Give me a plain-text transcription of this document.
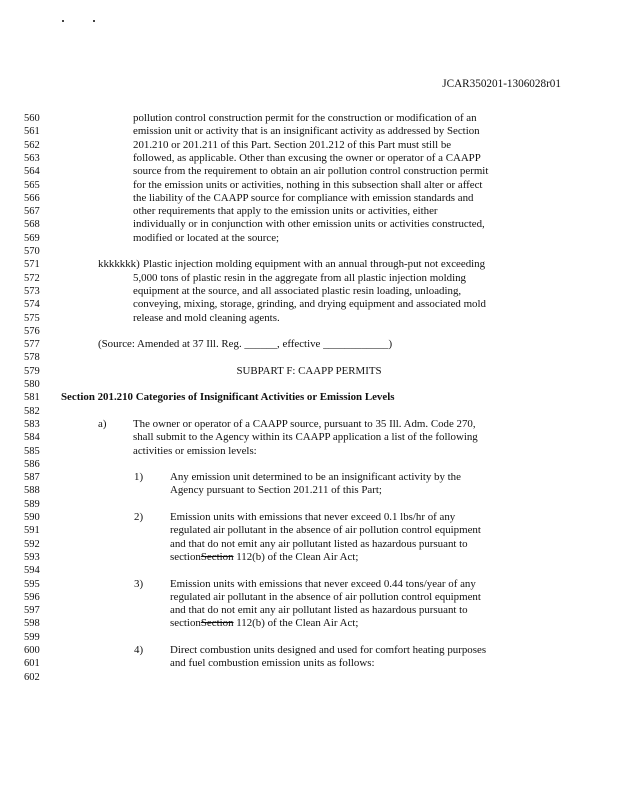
JCAR350201-1306028r01
560	pollution control construction permit for the construction or modification of an
561	emission unit or activity that is an insignificant activity as addressed by Section
562	201.210 or 201.211 of this Part. Section 201.212 of this Part must still be
563	followed, as applicable. Other than excusing the owner or operator of a CAAPP
564	source from the requirement to obtain an air pollution control construction permit
565	for the emission units or activities, nothing in this subsection shall alter or affect
566	the liability of the CAAPP source for compliance with emission standards and
567	other requirements that apply to the emission units or activities, either
568	individually or in conjunction with other emission units or activities constructed,
569	modified or located at the source;
570
571	kkkkkkk) Plastic injection molding equipment with an annual through-put not exceeding
572	5,000 tons of plastic resin in the aggregate from all plastic injection molding
573	equipment at the source, and all associated plastic resin loading, unloading,
574	conveying, mixing, storage, grinding, and drying equipment and associated mold
575	release and mold cleaning agents.
576
577	(Source: Amended at 37 Ill. Reg. ______, effective ____________)
578
579	SUBPART F: CAAPP PERMITS
580
581	Section 201.210 Categories of Insignificant Activities or Emission Levels
582
583	a) The owner or operator of a CAAPP source, pursuant to 35 Ill. Adm. Code 270,
584	shall submit to the Agency within its CAAPP application a list of the following
585	activities or emission levels:
586
587	1) Any emission unit determined to be an insignificant activity by the
588	Agency pursuant to Section 201.211 of this Part;
589
590	2) Emission units with emissions that never exceed 0.1 lbs/hr of any
591	regulated air pollutant in the absence of air pollution control equipment
592	and that do not emit any air pollutant listed as hazardous pursuant to
593	sectionSection 112(b) of the Clean Air Act;
594
595	3) Emission units with emissions that never exceed 0.44 tons/year of any
596	regulated air pollutant in the absence of air pollution control equipment
597	and that do not emit any air pollutant listed as hazardous pursuant to
598	sectionSection 112(b) of the Clean Air Act;
599
600	4) Direct combustion units designed and used for comfort heating purposes
601	and fuel combustion emission units as follows:
602
